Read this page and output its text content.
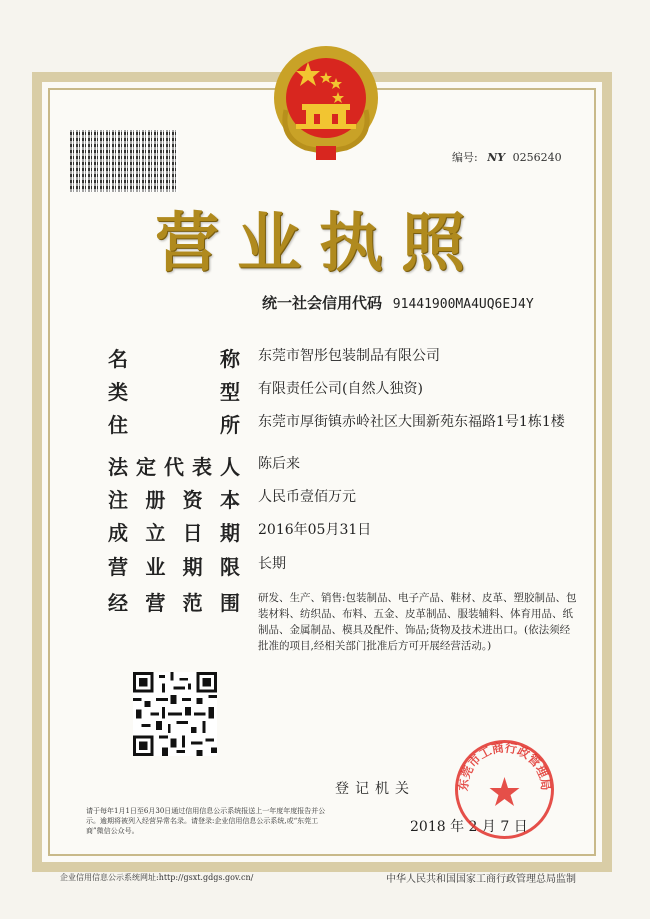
编号: NY 0256240
营业执照
统一社会信用代码 91441900MA4UQ6EJ4Y
名	称 东莞市智彤包装制品有限公司
类	型 有限责任公司(自然人独资)
住	所 东莞市厚街镇赤岭社区大围新苑东福路1号1栋1楼
法 定 代 表 人 陈后来
注 册 资 本 人民币壹佰万元
成 立 日 期 2016年05月31日
营 业 期 限 长期
经 营 范 围 研发、生产、销售:包装制品、电子产品、鞋材、皮革、塑胶制品、包装材料、纺织品、布料、五金、皮革制品、服装辅料、体育用品、纸制品、金属制品、模具及配件、饰品;货物及技术进出口。(依法须经批准的项目,经相关部门批准后方可开展经营活动。)
登记机关
2018 年 2 月 7 日
东莞市工商行政管理局
请于每年1月1日至6月30日通过信用信息公示系统报送上一年度年度报告并公示。逾期将被列入经营异常名录。请登录:企业信用信息公示系统,或“东莞工商”微信公众号。
企业信用信息公示系统网址:http://gsxt.gdgs.gov.cn/	中华人民共和国国家工商行政管理总局监制
